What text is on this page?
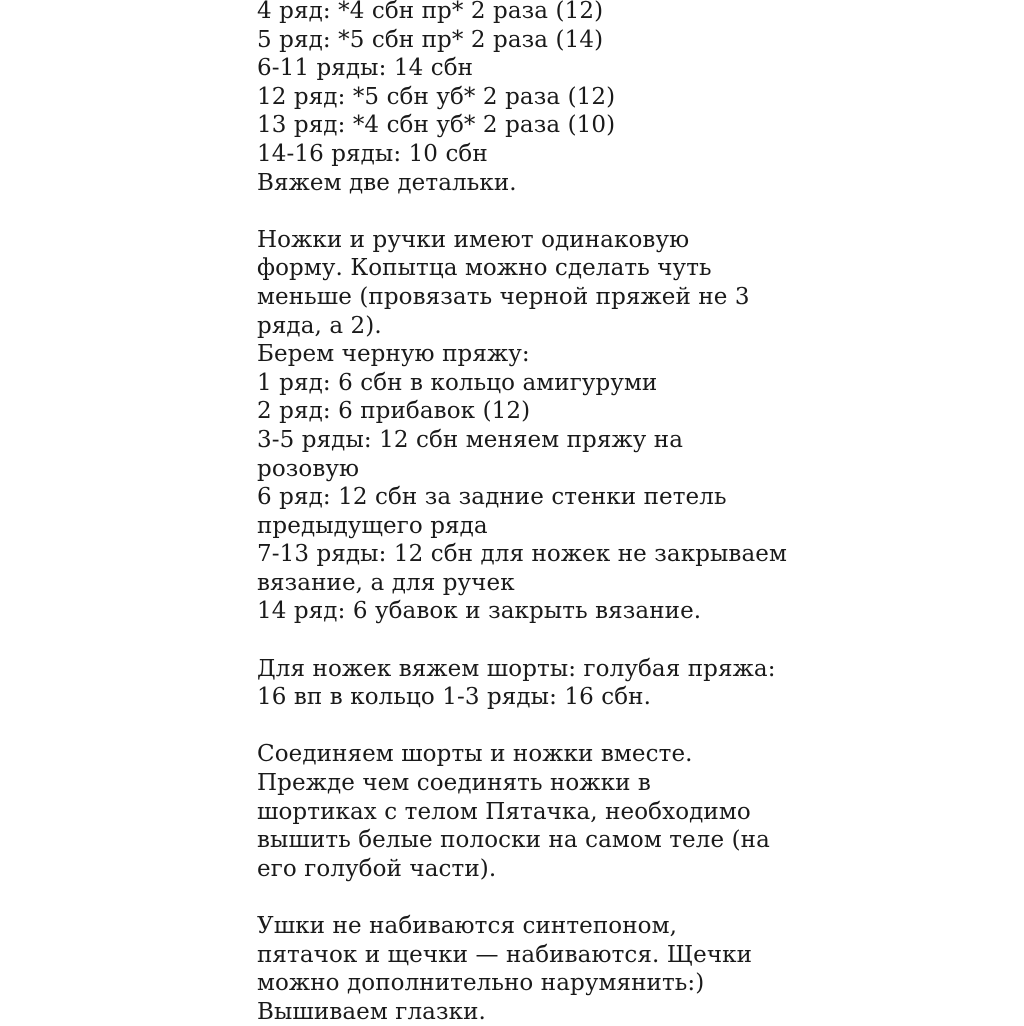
4 ряд: *4 сбн пр* 2 раза (12)
5 ряд: *5 сбн пр* 2 раза (14)
6-11 ряды: 14 сбн
12 ряд: *5 сбн уб* 2 раза (12)
13 ряд: *4 сбн уб* 2 раза (10)
14-16 ряды: 10 сбн
Вяжем две детальки.
Ножки и ручки имеют одинаковую
форму. Копытца можно сделать чуть
меньше (провязать черной пряжей не 3
ряда, а 2).
Берем черную пряжу:
1 ряд: 6 сбн в кольцо амигуруми
2 ряд: 6 прибавок (12)
3-5 ряды: 12 сбн меняем пряжу на
розовую
6 ряд: 12 сбн за задние стенки петель
предыдущего ряда
7-13 ряды: 12 сбн для ножек не закрываем
вязание, а для ручек
14 ряд: 6 убавок и закрыть вязание.
Для ножек вяжем шорты: голубая пряжа:
16 вп в кольцо 1-3 ряды: 16 сбн.
Соединяем шорты и ножки вместе.
Прежде чем соединять ножки в
шортиках с телом Пятачка, необходимо
вышить белые полоски на самом теле (на
его голубой части).
Ушки не набиваются синтепоном,
пятачок и щечки — набиваются. Щечки
можно дополнительно нарумянить:)
Вышиваем глазки.
